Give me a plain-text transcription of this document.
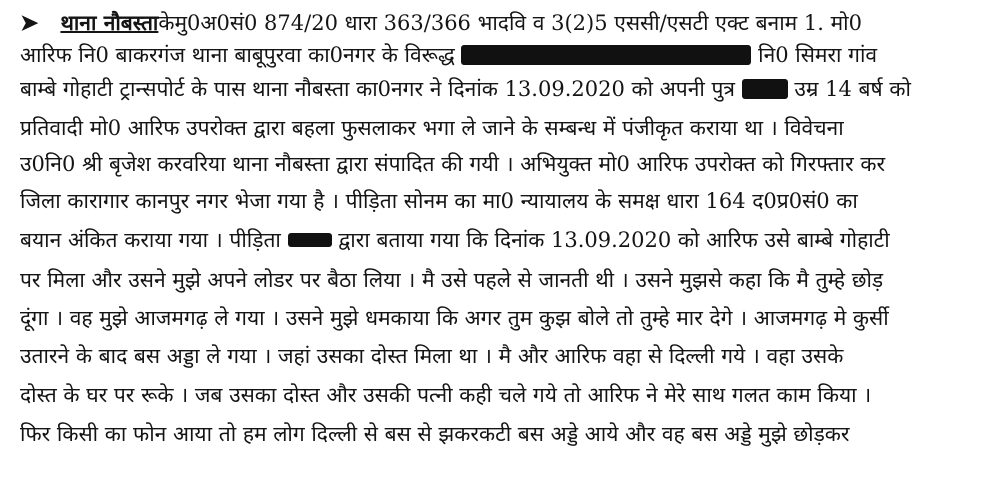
➤ थाना नौबस्ताकेमु0अ0सं0 874/20 धारा 363/366 भादवि व 3(2)5 एससी/एसटी एक्ट बनाम 1. मो0
आरिफ नि0 बाकरगंज थाना बाबूपुरवा का0नगर के विरूद्ध	नि0 सिमरा गांव
बाम्बे गोहाटी ट्रान्सपोर्ट के पास थाना नौबस्ता का0नगर ने दिनांक 13.09.2020 को अपनी पुत्र	उम्र 14 बर्ष को
प्रतिवादी मो0 आरिफ उपरोक्त द्वारा बहला फुसलाकर भगा ले जाने के सम्बन्ध में पंजीकृत कराया था । विवेचना
उ0नि0 श्री बृजेश करवरिया थाना नौबस्ता द्वारा संपादित की गयी । अभियुक्त मो0 आरिफ उपरोक्त को गिरफ्तार कर
जिला कारागार कानपुर नगर भेजा गया है । पीड़िता सोनम का मा0 न्यायालय के समक्ष धारा 164 द0प्र0सं0 का
बयान अंकित कराया गया । पीड़िता	द्वारा बताया गया कि दिनांक 13.09.2020 को आरिफ उसे बाम्बे गोहाटी
पर मिला और उसने मुझे अपने लोडर पर बैठा लिया । मै उसे पहले से जानती थी । उसने मुझसे कहा कि मै तुम्हे छोड़
दूंगा । वह मुझे आजमगढ़ ले गया । उसने मुझे धमकाया कि अगर तुम कुझ बोले तो तुम्हे मार देगे । आजमगढ़ मे कुर्सी
उतारने के बाद बस अड्डा ले गया । जहां उसका दोस्त मिला था । मै और आरिफ वहा से दिल्ली गये । वहा उसके
दोस्त के घर पर रूके । जब उसका दोस्त और उसकी पत्नी कही चले गये तो आरिफ ने मेरे साथ गलत काम किया ।
फिर किसी का फोन आया तो हम लोग दिल्ली से बस से झकरकटी बस अड्डे आये और वह बस अड्डे मुझे छोड़कर
